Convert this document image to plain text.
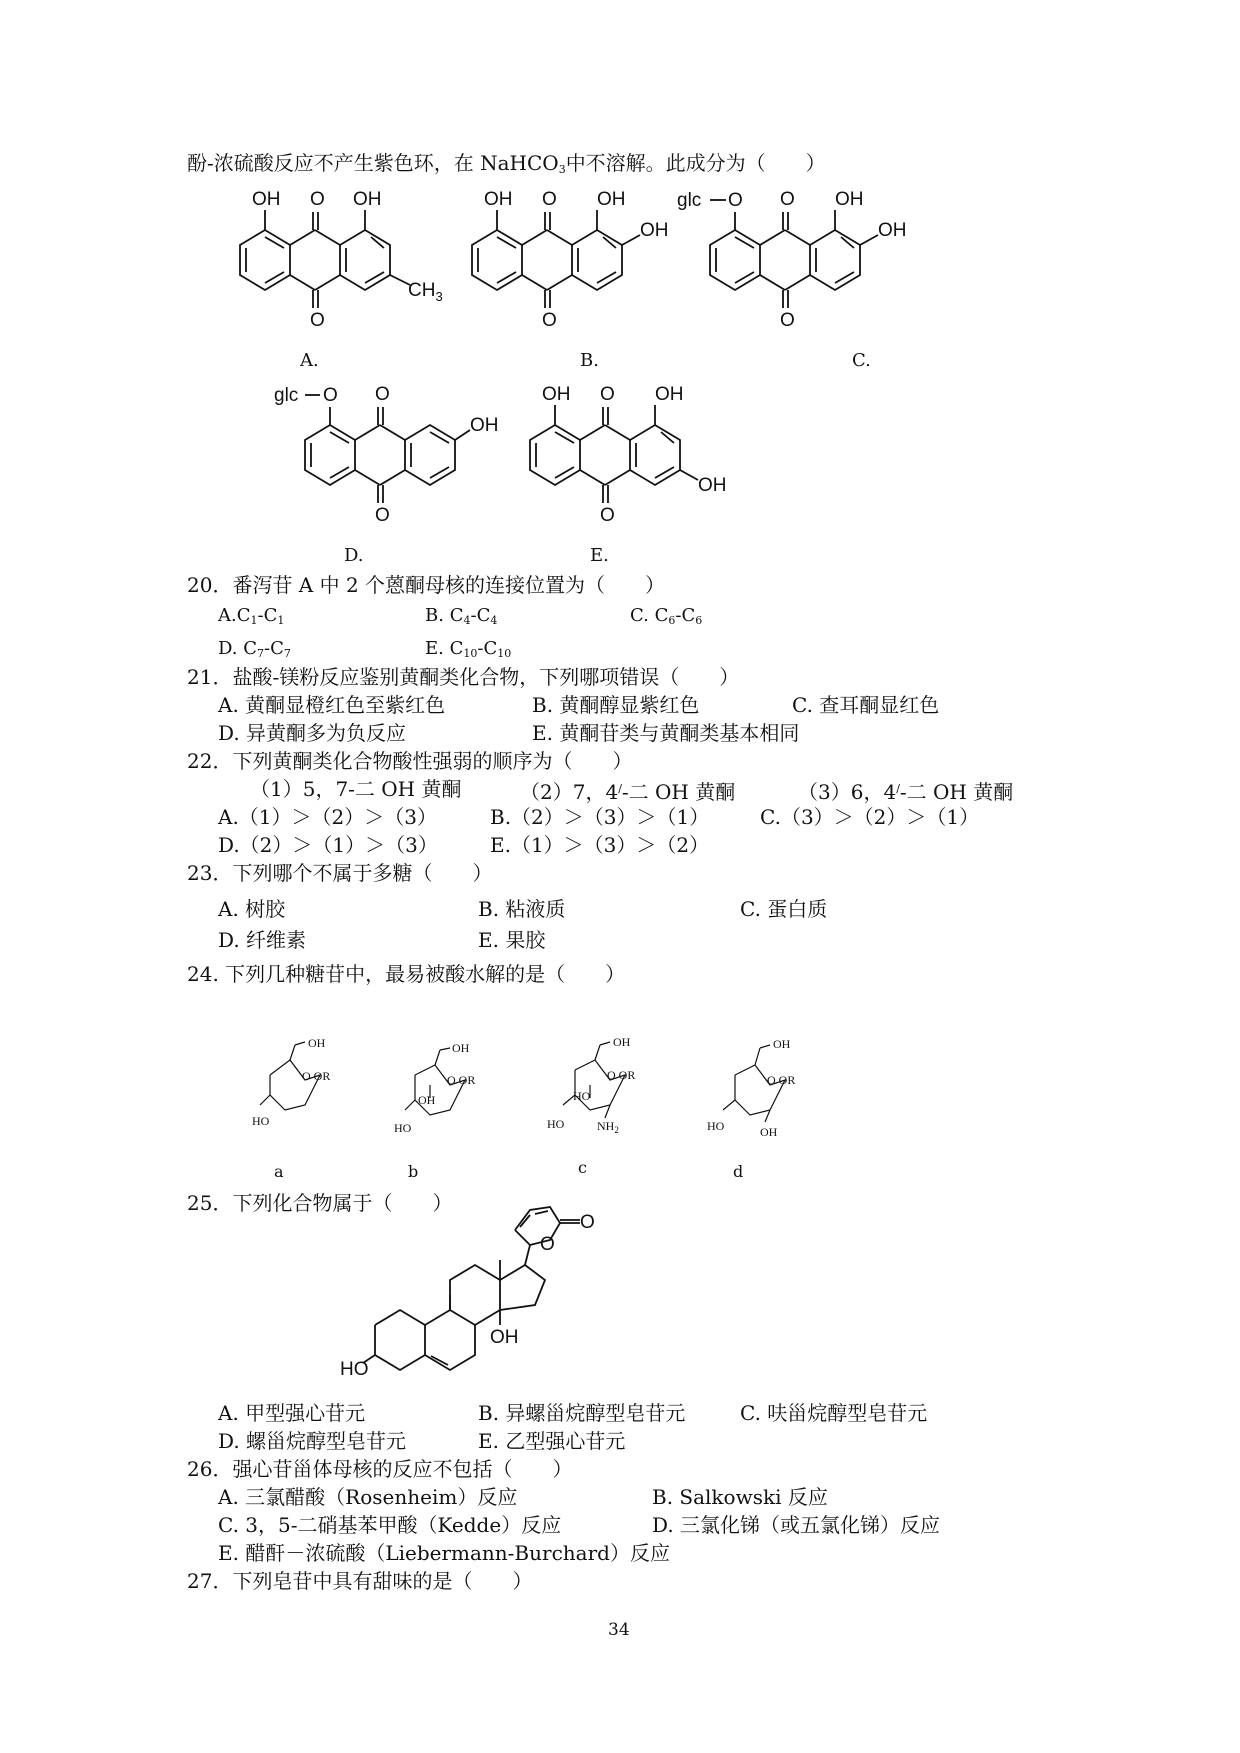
酚-浓硫酸反应不产生紫色环，在 NaHCO$_3$中不溶解。此成分为（　　）
O
O
OH	OH
$CH_3$
A.
O
O
OH	OH
OH
B.
O
O
glc O	OH
OH
C.
O
O
glc O
OH
D.
O
O
OH	OH
OH
E.
20．番泻苷 A 中 2 个蒽酮母核的连接位置为（　　）
$A.C_1-C_1$	B. $C_4-C_4$	C. $C_6-C_6$
D. $C_7-C_7$	E. $C_{10}-C_{10}$
21．盐酸-镁粉反应鉴别黄酮类化合物，下列哪项错误（　　）
A. 黄酮显橙红色至紫红色	B. 黄酮醇显紫红色	C. 查耳酮显红色
D. 异黄酮多为负反应	E. 黄酮苷类与黄酮类基本相同
22．下列黄酮类化合物酸性强弱的顺序为（　　）
（1）5，7-二 OH 黄酮	（2）7，4/-二 OH 黄酮	（3）6，4/-二 OH 黄酮
A.（1）＞（2）＞（3）	B.（2）＞（3）＞（1）	C.（3）＞（2）＞（1）
D.（2）＞（1）＞（3）	E.（1）＞（3）＞（2）
23．下列哪个不属于多糖（　　）
A. 树胶	B. 粘液质	C. 蛋白质
D. 纤维素	E. 果胶
24. 下列几种糖苷中，最易被酸水解的是（　　）
OH
O OR
HO
a
OH
O OR
OH
HO
b
OH
O OR
HO
HO	$NH_2$
c
OH
O OR
HO	OH
d
25．下列化合物属于（　　）
O
O
OH
HO
A. 甲型强心苷元	B. 异螺甾烷醇型皂苷元	C. 呋甾烷醇型皂苷元
D. 螺甾烷醇型皂苷元	E. 乙型强心苷元
26．强心苷甾体母核的反应不包括（　　）
A. 三氯醋酸（Rosenheim）反应	B. Salkowski 反应
C. 3，5-二硝基苯甲酸（Kedde）反应	D. 三氯化锑（或五氯化锑）反应
E. 醋酐－浓硫酸（Liebermann-Burchard）反应
27．下列皂苷中具有甜味的是（　　）
34
